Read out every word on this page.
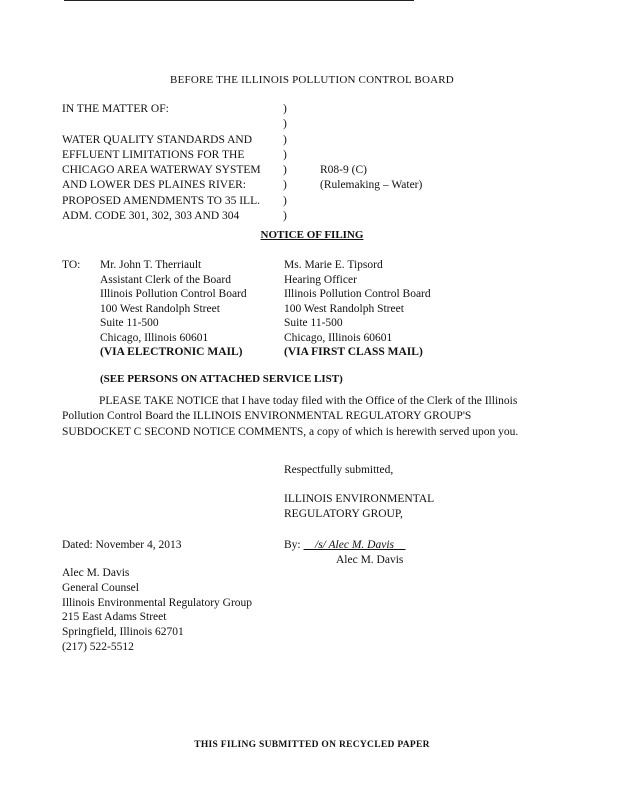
BEFORE THE ILLINOIS POLLUTION CONTROL BOARD
IN THE MATTER OF:
WATER QUALITY STANDARDS AND
EFFLUENT LIMITATIONS FOR THE
CHICAGO AREA WATERWAY SYSTEM
AND LOWER DES PLAINES RIVER:
PROPOSED AMENDMENTS TO 35 ILL.
ADM. CODE 301, 302, 303 AND 304
)
)
)
)
)
)
)
)
R08-9 (C)
(Rulemaking – Water)
NOTICE OF FILING
TO: Mr. John T. Therriault
Assistant Clerk of the Board
Illinois Pollution Control Board
100 West Randolph Street
Suite 11-500
Chicago, Illinois 60601
(VIA ELECTRONIC MAIL)
Ms. Marie E. Tipsord
Hearing Officer
Illinois Pollution Control Board
100 West Randolph Street
Suite 11-500
Chicago, Illinois 60601
(VIA FIRST CLASS MAIL)
(SEE PERSONS ON ATTACHED SERVICE LIST)

PLEASE TAKE NOTICE that I have today filed with the Office of the Clerk of the Illinois Pollution Control Board the ILLINOIS ENVIRONMENTAL REGULATORY GROUP'S SUBDOCKET C SECOND NOTICE COMMENTS, a copy of which is herewith served upon you.

Respectfully submitted,
ILLINOIS ENVIRONMENTAL
REGULATORY GROUP,
Dated: November 4, 2013	By:     /s/ Alec M. Davis
Alec M. Davis
Alec M. Davis
General Counsel
Illinois Environmental Regulatory Group
215 East Adams Street
Springfield, Illinois 62701
(217) 522-5512
THIS FILING SUBMITTED ON RECYCLED PAPER
